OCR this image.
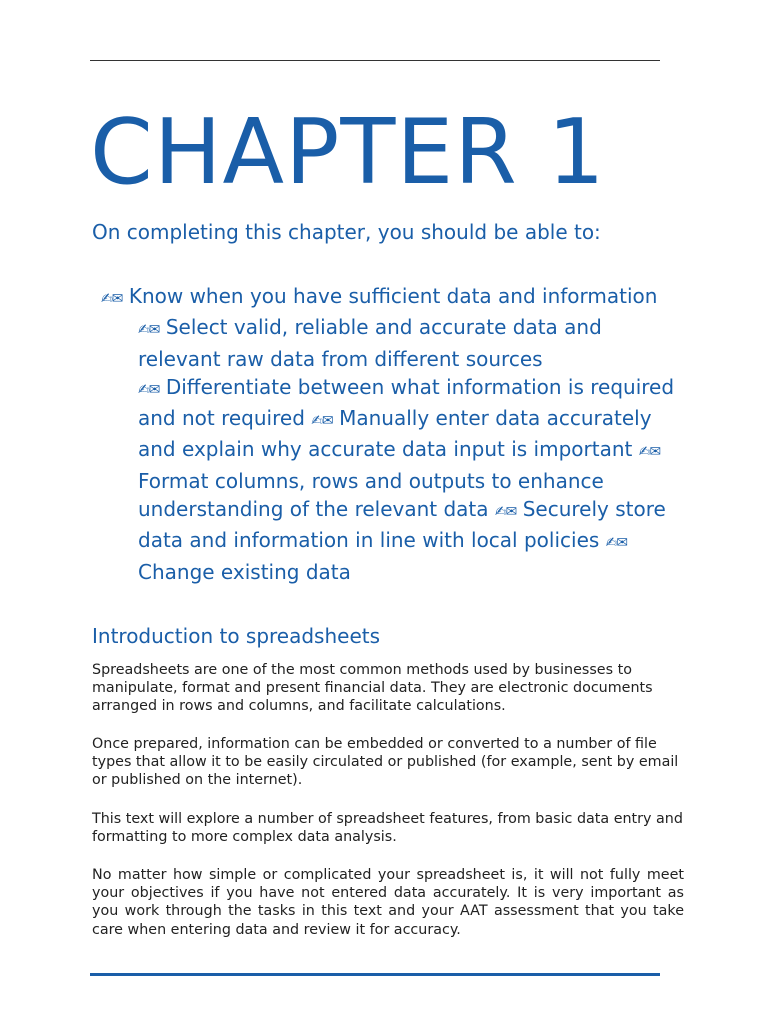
CHAPTER 1

On completing this chapter, you should be able to:

✍✉ Know when you have sufficient data and information
✍✉ Select valid, reliable and accurate data and relevant raw data from different sources
✍✉ Differentiate between what information is required and not required ✍✉ Manually enter data accurately and explain why accurate data input is important ✍✉ Format columns, rows and outputs to enhance understanding of the relevant data ✍✉ Securely store data and information in line with local policies ✍✉ Change existing data

Introduction to spreadsheets

Spreadsheets are one of the most common methods used by businesses to manipulate, format and present financial data. They are electronic documents arranged in rows and columns, and facilitate calculations.

Once prepared, information can be embedded or converted to a number of file types that allow it to be easily circulated or published (for example, sent by email or published on the internet).

This text will explore a number of spreadsheet features, from basic data entry and formatting to more complex data analysis.

No matter how simple or complicated your spreadsheet is, it will not fully meet your objectives if you have not entered data accurately. It is very important as you work through the tasks in this text and your AAT assessment that you take care when entering data and review it for accuracy.
